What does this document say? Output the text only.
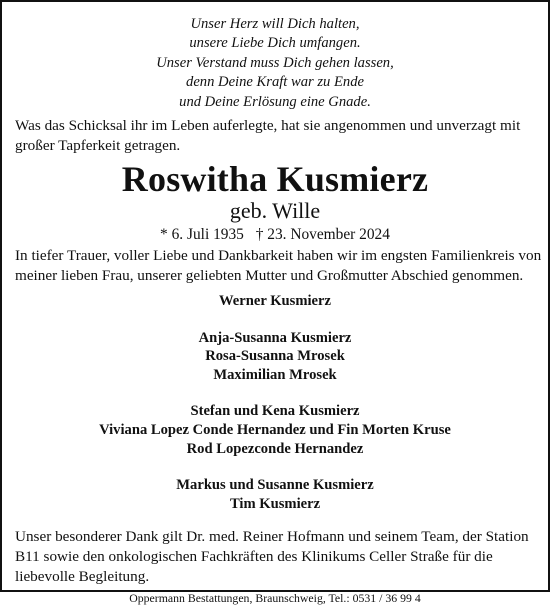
Unser Herz will Dich halten,
unsere Liebe Dich umfangen.
Unser Verstand muss Dich gehen lassen,
denn Deine Kraft war zu Ende
und Deine Erlösung eine Gnade.

Was das Schicksal ihr im Leben auferlegte, hat sie angenommen und unverzagt mit großer Tapferkeit getragen.

Roswitha Kusmierz
geb. Wille
* 6. Juli 1935 † 23. November 2024

In tiefer Trauer, voller Liebe und Dankbarkeit haben wir im engsten Familienkreis von meiner lieben Frau, unserer geliebten Mutter und Großmutter Abschied genommen.

Werner Kusmierz
Anja-Susanna Kusmierz
Rosa-Susanna Mrosek
Maximilian Mrosek
Stefan und Kena Kusmierz
Viviana Lopez Conde Hernandez und Fin Morten Kruse
Rod Lopezconde Hernandez
Markus und Susanne Kusmierz
Tim Kusmierz

Unser besonderer Dank gilt Dr. med. Reiner Hofmann und seinem Team, der Station B11 sowie den onkologischen Fachkräften des Klinikums Celler Straße für die liebevolle Begleitung.

Oppermann Bestattungen, Braunschweig, Tel.: 0531 / 36 99 4
